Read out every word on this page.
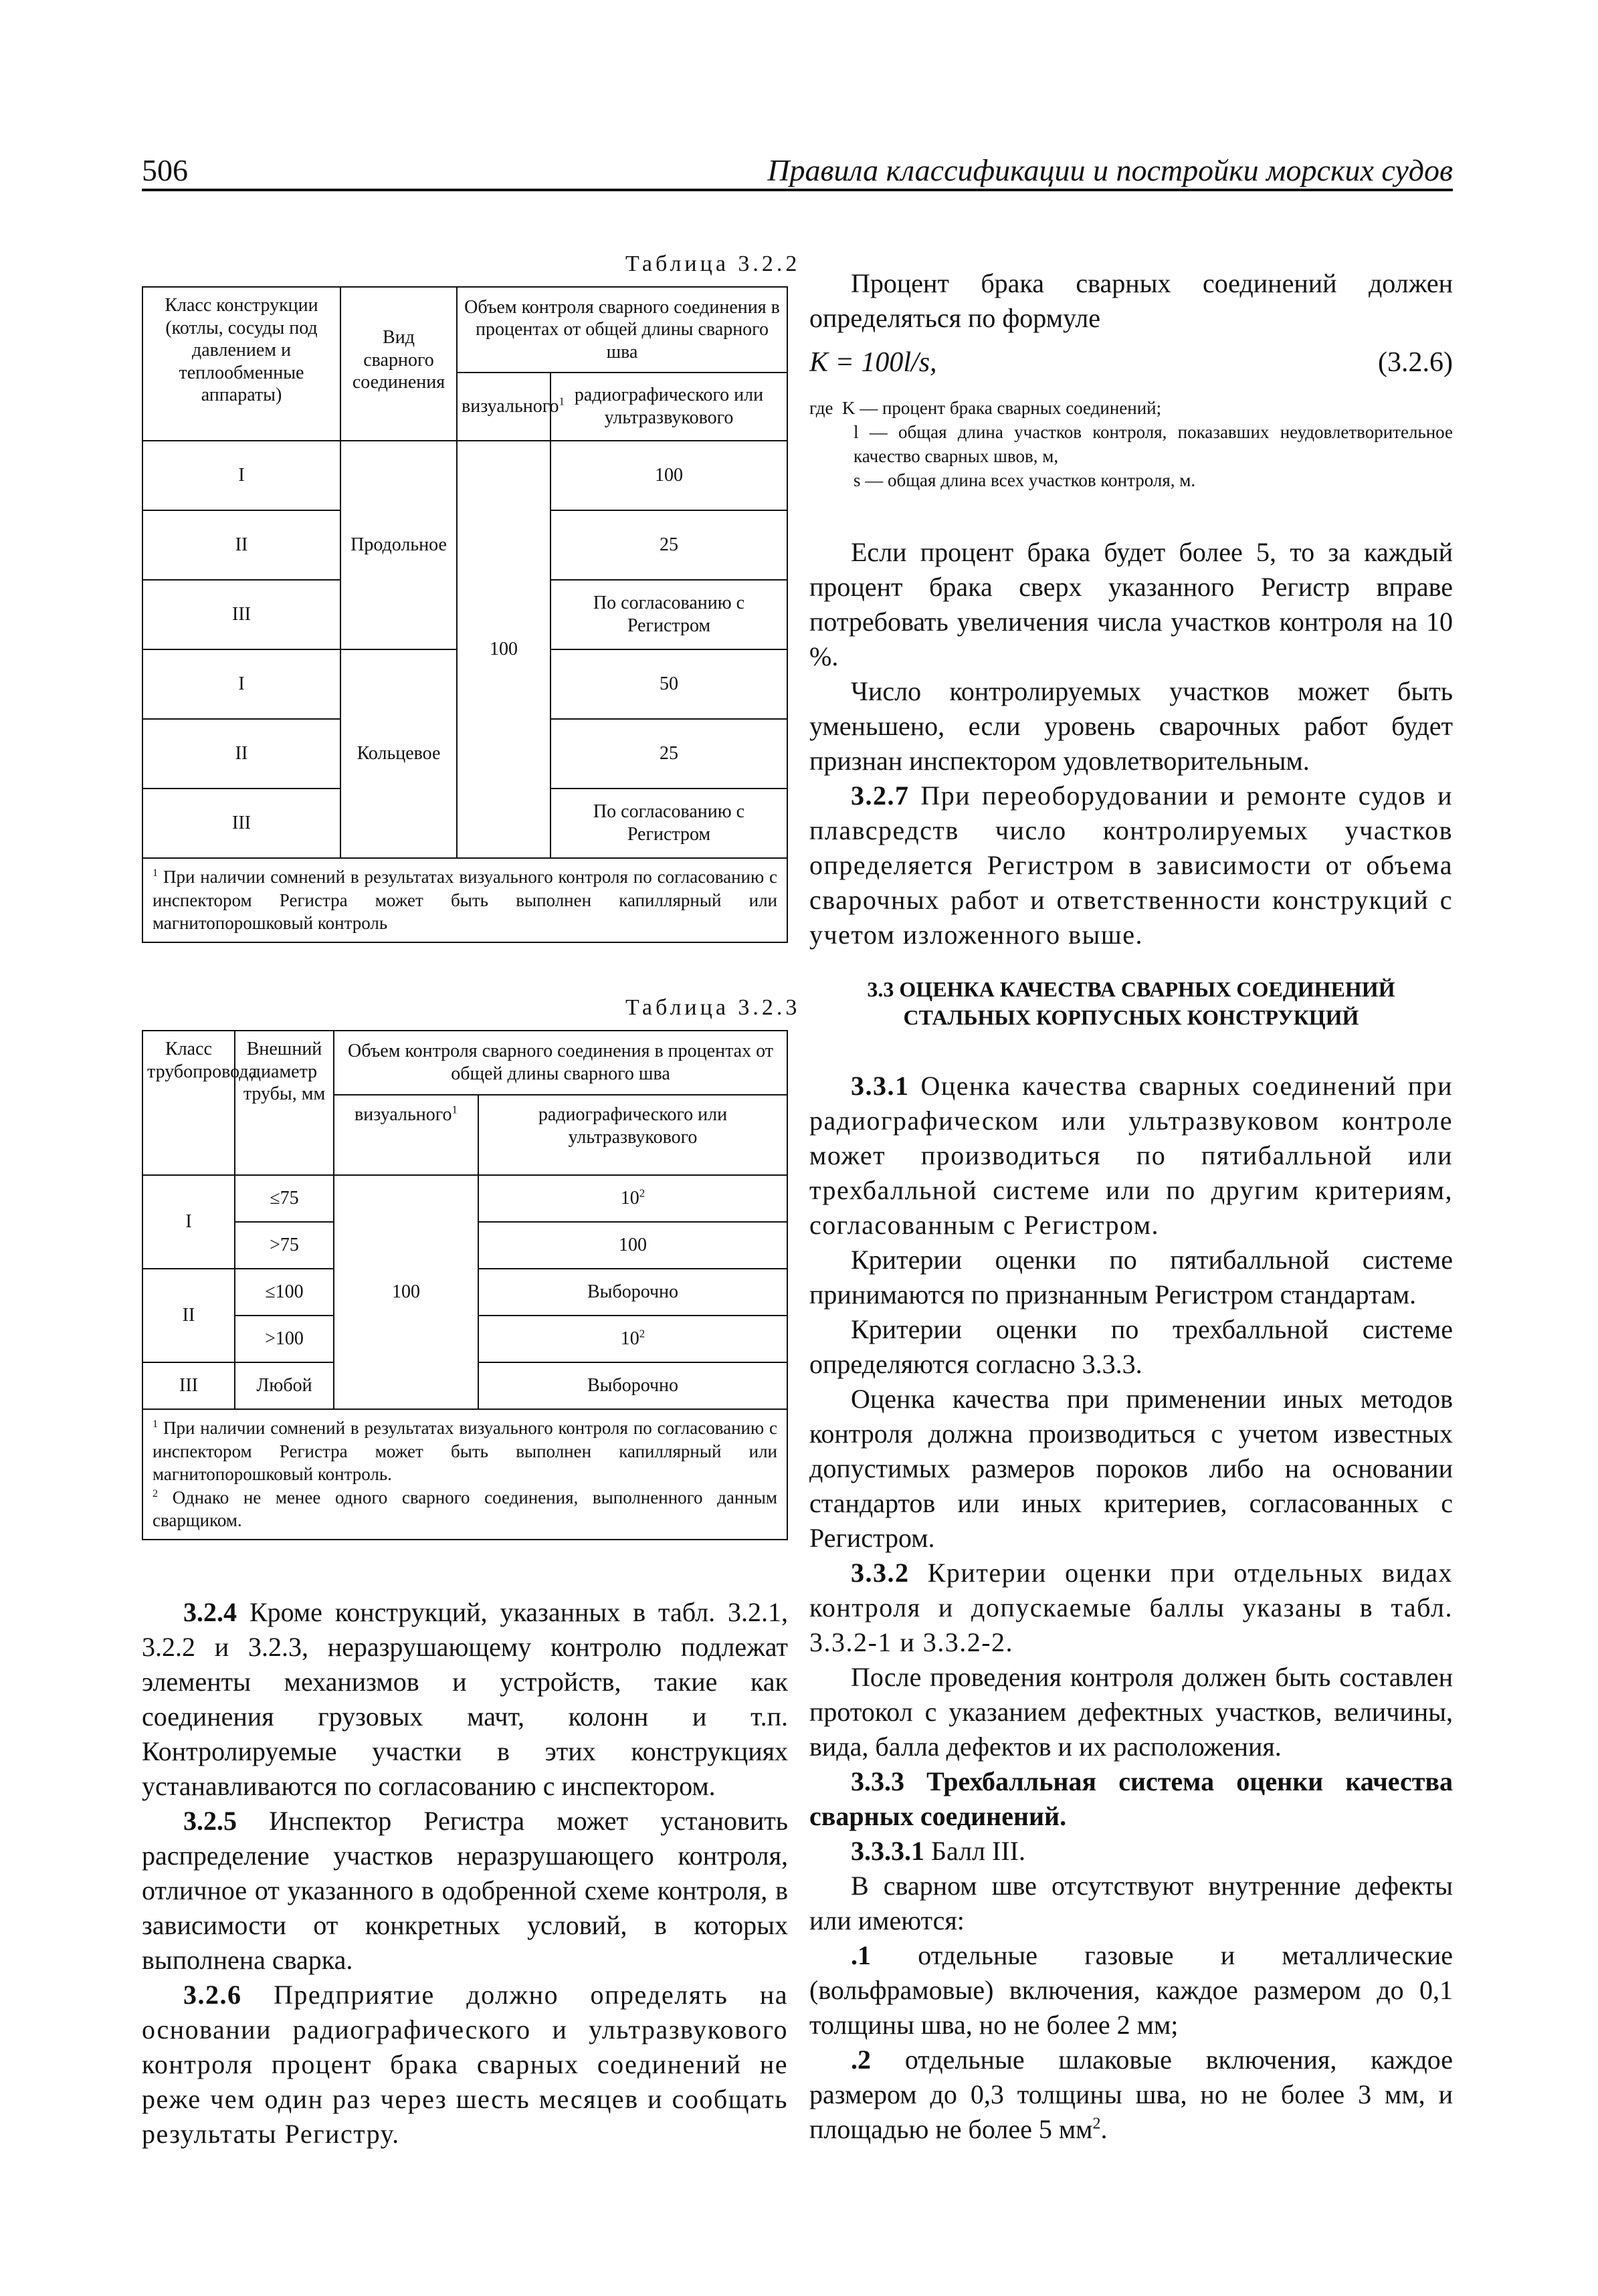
506	Правила классификации и постройки морских судов
Таблица 3.2.2
Класс конструкции (котлы, сосуды под давлением и теплообменные аппараты)	Вид сварного соединения	Объем контроля сварного соединения в процентах от общей длины сварного шва	
		визуального$^1$	радиографического или ультразвукового
I	Продольное	100	100
II			25
III			По согласованию с Регистром
I	Кольцевое		50
II			25
III			По согласованию с Регистром
$^1$ При наличии сомнений в результатах визуального контроля по согласованию с инспектором Регистра может быть выполнен капиллярный или магнитопорошковый контроль			
Таблица 3.2.3
Класс трубопровода	Внешний диаметр трубы, мм	Объем контроля сварного соединения в процентах от общей длины сварного шва	
		визуального$^1$	радиографического или ультразвукового
I	≤75	100	$10^2$
	>75		100
II	≤100		Выборочно
	>100		$10^2$
III	Любой		Выборочно

$^1$ При наличии сомнений в результатах визуального контроля по согласованию с инспектором Регистра может быть выполнен капиллярный или магнитопорошковый контроль.
$^2$ Однако не менее одного сварного соединения, выполненного данным сварщиком.			

3.2.4 Кроме конструкций, указанных в табл. 3.2.1, 3.2.2 и 3.2.3, неразрушающему контролю подлежат элементы механизмов и устройств, такие как соединения грузовых мачт, колонн и т.п. Контролируемые участки в этих конструкциях устанавливаются по согласованию с инспектором.

3.2.5 Инспектор Регистра может установить распределение участков неразрушающего контроля, отличное от указанного в одобренной схеме контроля, в зависимости от конкретных условий, в которых выполнена сварка.

3.2.6 Предприятие должно определять на основании радиографического и ультразвукового контроля процент брака сварных соединений не реже чем один раз через шесть месяцев и сообщать результаты Регистру.

Процент брака сварных соединений должен определяться по формуле

K = 100l/s,	(3.2.6)
где K — процент брака сварных соединений;
l — общая длина участков контроля, показавших неудовлетворительное качество сварных швов, м,
s — общая длина всех участков контроля, м.

Если процент брака будет более 5, то за каждый процент брака сверх указанного Регистр вправе потребовать увеличения числа участков контроля на 10 %.

Число контролируемых участков может быть уменьшено, если уровень сварочных работ будет признан инспектором удовлетворительным.

3.2.7 При переоборудовании и ремонте судов и плавсредств число контролируемых участков определяется Регистром в зависимости от объема сварочных работ и ответственности конструкций с учетом изложенного выше.

3.3 ОЦЕНКА КАЧЕСТВА СВАРНЫХ СОЕДИНЕНИЙ СТАЛЬНЫХ КОРПУСНЫХ КОНСТРУКЦИЙ

3.3.1 Оценка качества сварных соединений при радиографическом или ультразвуковом контроле может производиться по пятибалльной или трехбалльной системе или по другим критериям, согласованным с Регистром.

Критерии оценки по пятибалльной системе принимаются по признанным Регистром стандартам.

Критерии оценки по трехбалльной системе определяются согласно 3.3.3.

Оценка качества при применении иных методов контроля должна производиться с учетом известных допустимых размеров пороков либо на основании стандартов или иных критериев, согласованных с Регистром.

3.3.2 Критерии оценки при отдельных видах контроля и допускаемые баллы указаны в табл. 3.3.2-1 и 3.3.2-2.

После проведения контроля должен быть составлен протокол с указанием дефектных участков, величины, вида, балла дефектов и их расположения.

3.3.3 Трехбалльная система оценки качества сварных соединений.

3.3.3.1 Балл III.

В сварном шве отсутствуют внутренние дефекты или имеются:

.1 отдельные газовые и металлические (вольфрамовые) включения, каждое размером до 0,1 толщины шва, но не более 2 мм;

.2 отдельные шлаковые включения, каждое размером до 0,3 толщины шва, но не более 3 мм, и площадью не более 5 $мм^2$.
